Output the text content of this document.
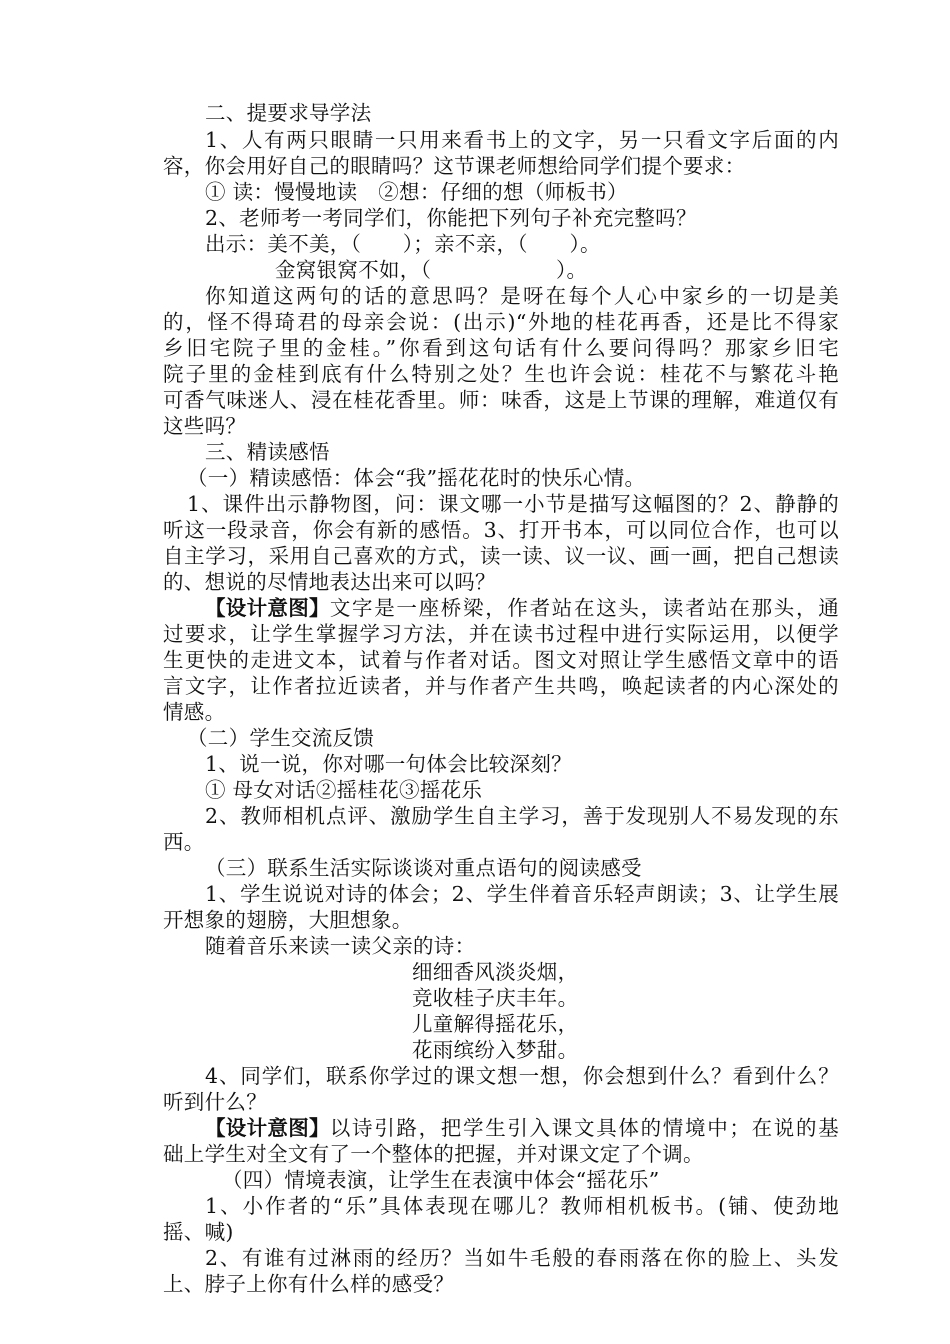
二、提要求导学法
1、人有两只眼睛一只用来看书上的文字，另一只看文字后面的内
容，你会用好自己的眼睛吗？这节课老师想给同学们提个要求：
① 读：慢慢地读　②想：仔细的想（师板书）
2、老师考一考同学们，你能把下列句子补充完整吗？
出示：美不美，（　　）；亲不亲，（　　）。
金窝银窝不如，（　　　　　　）。
你知道这两句的话的意思吗？是呀在每个人心中家乡的一切是美
的，怪不得琦君的母亲会说：(出示)“外地的桂花再香，还是比不得家
乡旧宅院子里的金桂。”你看到这句话有什么要问得吗？那家乡旧宅
院子里的金桂到底有什么特别之处？生也许会说：桂花不与繁花斗艳
可香气味迷人、浸在桂花香里。师：味香，这是上节课的理解，难道仅有
这些吗？
三、精读感悟
（一）精读感悟：体会“我”摇花花时的快乐心情。
1、课件出示静物图，问：课文哪一小节是描写这幅图的？2、静静的
听这一段录音，你会有新的感悟。3、打开书本，可以同位合作，也可以
自主学习，采用自己喜欢的方式，读一读、议一议、画一画，把自己想读
的、想说的尽情地表达出来可以吗？
【设计意图】 文字是一座桥梁，作者站在这头，读者站在那头，通
过要求，让学生掌握学习方法，并在读书过程中进行实际运用，以便学
生更快的走进文本，试着与作者对话。图文对照让学生感悟文章中的语
言文字，让作者拉近读者，并与作者产生共鸣，唤起读者的内心深处的
情感。
（二）学生交流反馈
1、说一说，你对哪一句体会比较深刻？
① 母女对话②摇桂花③摇花乐
2、教师相机点评、激励学生自主学习，善于发现别人不易发现的东
西。
（三）联系生活实际谈谈对重点语句的阅读感受
1、学生说说对诗的体会；2、学生伴着音乐轻声朗读；3、让学生展
开想象的翅膀，大胆想象。
随着音乐来读一读父亲的诗：
细细香风淡炎烟，
竞收桂子庆丰年。
儿童解得摇花乐，
花雨缤纷入梦甜。
4、同学们，联系你学过的课文想一想，你会想到什么？看到什么？
听到什么？
【设计意图】 以诗引路，把学生引入课文具体的情境中；在说的基
础上学生对全文有了一个整体的把握，并对课文定了个调。
（四）情境表演，让学生在表演中体会“摇花乐”
1、小作者的“乐”具体表现在哪儿？教师相机板书。(铺、使劲地
摇、喊)
2、有谁有过淋雨的经历？当如牛毛般的春雨落在你的脸上、头发
上、脖子上你有什么样的感受？
